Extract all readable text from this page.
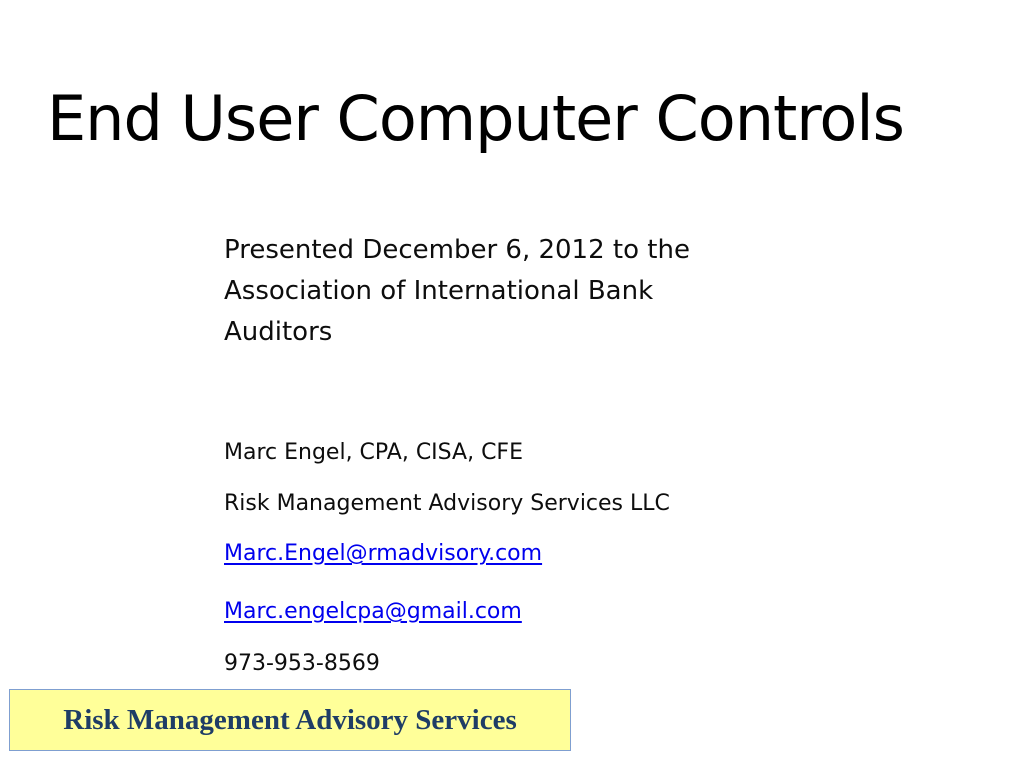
End User Computer Controls
Presented December 6, 2012 to the Association of International Bank Auditors
Marc Engel, CPA, CISA, CFE
Risk Management Advisory Services LLC
Marc.Engel@rmadvisory.com
Marc.engelcpa@gmail.com
973-953-8569
Risk Management Advisory Services
